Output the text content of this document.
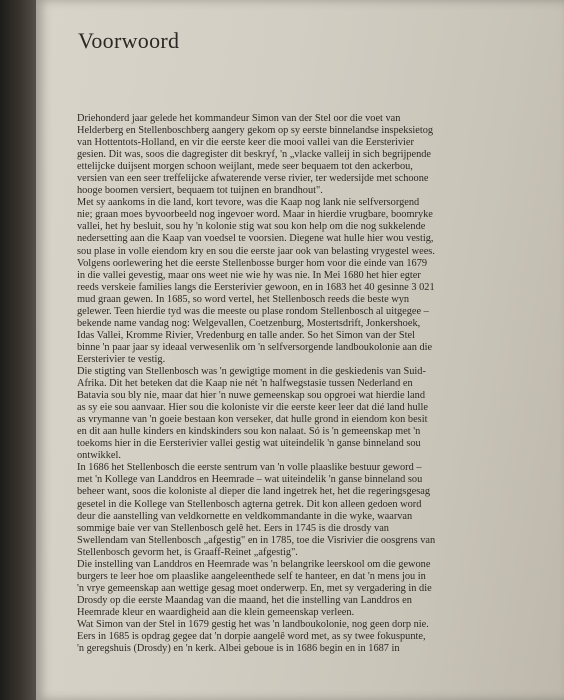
Voorwoord
Driehonderd jaar gelede het kommandeur Simon van der Stel oor die voet van
Helderberg en Stellenboschberg aangery gekom op sy eerste binnelandse inspeksietog
van Hottentots-Holland, en vir die eerste keer die mooi vallei van die Eersterivier
gesien. Dit was, soos die dagregister dit beskryf, 'n „vlacke valleij in sich begrijpende
ettelijcke duijsent morgen schoon weijlant, mede seer bequaem tot den ackerbou,
versien van een seer treffelijcke afwaterende verse rivier, ter wedersijde met schoone
hooge boomen versiert, bequaem tot tuijnen en brandhout".
Met sy aankoms in die land, kort tevore, was die Kaap nog lank nie selfversorgend
nie; graan moes byvoorbeeld nog ingevoer word. Maar in hierdie vrugbare, boomryke
vallei, het hy besluit, sou hy 'n kolonie stig wat sou kon help om die nog sukkelende
nedersetting aan die Kaap van voedsel te voorsien. Diegene wat hulle hier wou vestig,
sou plase in volle eiendom kry en sou die eerste jaar ook van belasting vrygestel wees.
Volgens oorlewering het die eerste Stellenbosse burger hom voor die einde van 1679
in die vallei gevestig, maar ons weet nie wie hy was nie. In Mei 1680 het hier egter
reeds verskeie families langs die Eersterivier gewoon, en in 1683 het 40 gesinne 3 021
mud graan gewen. In 1685, so word vertel, het Stellenbosch reeds die beste wyn
gelewer. Teen hierdie tyd was die meeste ou plase rondom Stellenbosch al uitgegee –
bekende name vandag nog: Welgevallen, Coetzenburg, Mostertsdrift, Jonkershoek,
Idas Vallei, Kromme Rivier, Vredenburg en talle ander. So het Simon van der Stel
binne 'n paar jaar sy ideaal verwesenlik om 'n selfversorgende landboukolonie aan die
Eersterivier te vestig.
Die stigting van Stellenbosch was 'n gewigtige moment in die geskiedenis van Suid-
Afrika. Dit het beteken dat die Kaap nie nét 'n halfwegstasie tussen Nederland en
Batavia sou bly nie, maar dat hier 'n nuwe gemeenskap sou opgroei wat hierdie land
as sy eie sou aanvaar. Hier sou die koloniste vir die eerste keer leer dat dié land hulle
as vrymanne van 'n goeie bestaan kon verseker, dat hulle grond in eiendom kon besit
en dit aan hulle kinders en kindskinders sou kon nalaat. Só is 'n gemeenskap met 'n
toekoms hier in die Eersterivier vallei gestig wat uiteindelik 'n ganse binneland sou
ontwikkel.
In 1686 het Stellenbosch die eerste sentrum van 'n volle plaaslike bestuur geword –
met 'n Kollege van Landdros en Heemrade – wat uiteindelik 'n ganse binneland sou
beheer want, soos die koloniste al dieper die land ingetrek het, het die regeringsgesag
gesetel in die Kollege van Stellenbosch agterna getrek. Dit kon alleen gedoen word
deur die aanstelling van veldkornette en veldkommandante in die wyke, waarvan
sommige baie ver van Stellenbosch gelê het. Eers in 1745 is die drosdy van
Swellendam van Stellenbosch „afgestig" en in 1785, toe die Visrivier die oosgrens van
Stellenbosch gevorm het, is Graaff-Reinet „afgestig".
Die instelling van Landdros en Heemrade was 'n belangrike leerskool om die gewone
burgers te leer hoe om plaaslike aangeleenthede self te hanteer, en dat 'n mens jou in
'n vrye gemeenskap aan wettige gesag moet onderwerp. En, met sy vergadering in die
Drosdy op die eerste Maandag van die maand, het die instelling van Landdros en
Heemrade kleur en waardigheid aan die klein gemeenskap verleen.
Wat Simon van der Stel in 1679 gestig het was 'n landboukolonie, nog geen dorp nie.
Eers in 1685 is opdrag gegee dat 'n dorpie aangelê word met, as sy twee fokuspunte,
'n geregshuis (Drosdy) en 'n kerk. Albei geboue is in 1686 begin en in 1687 in
